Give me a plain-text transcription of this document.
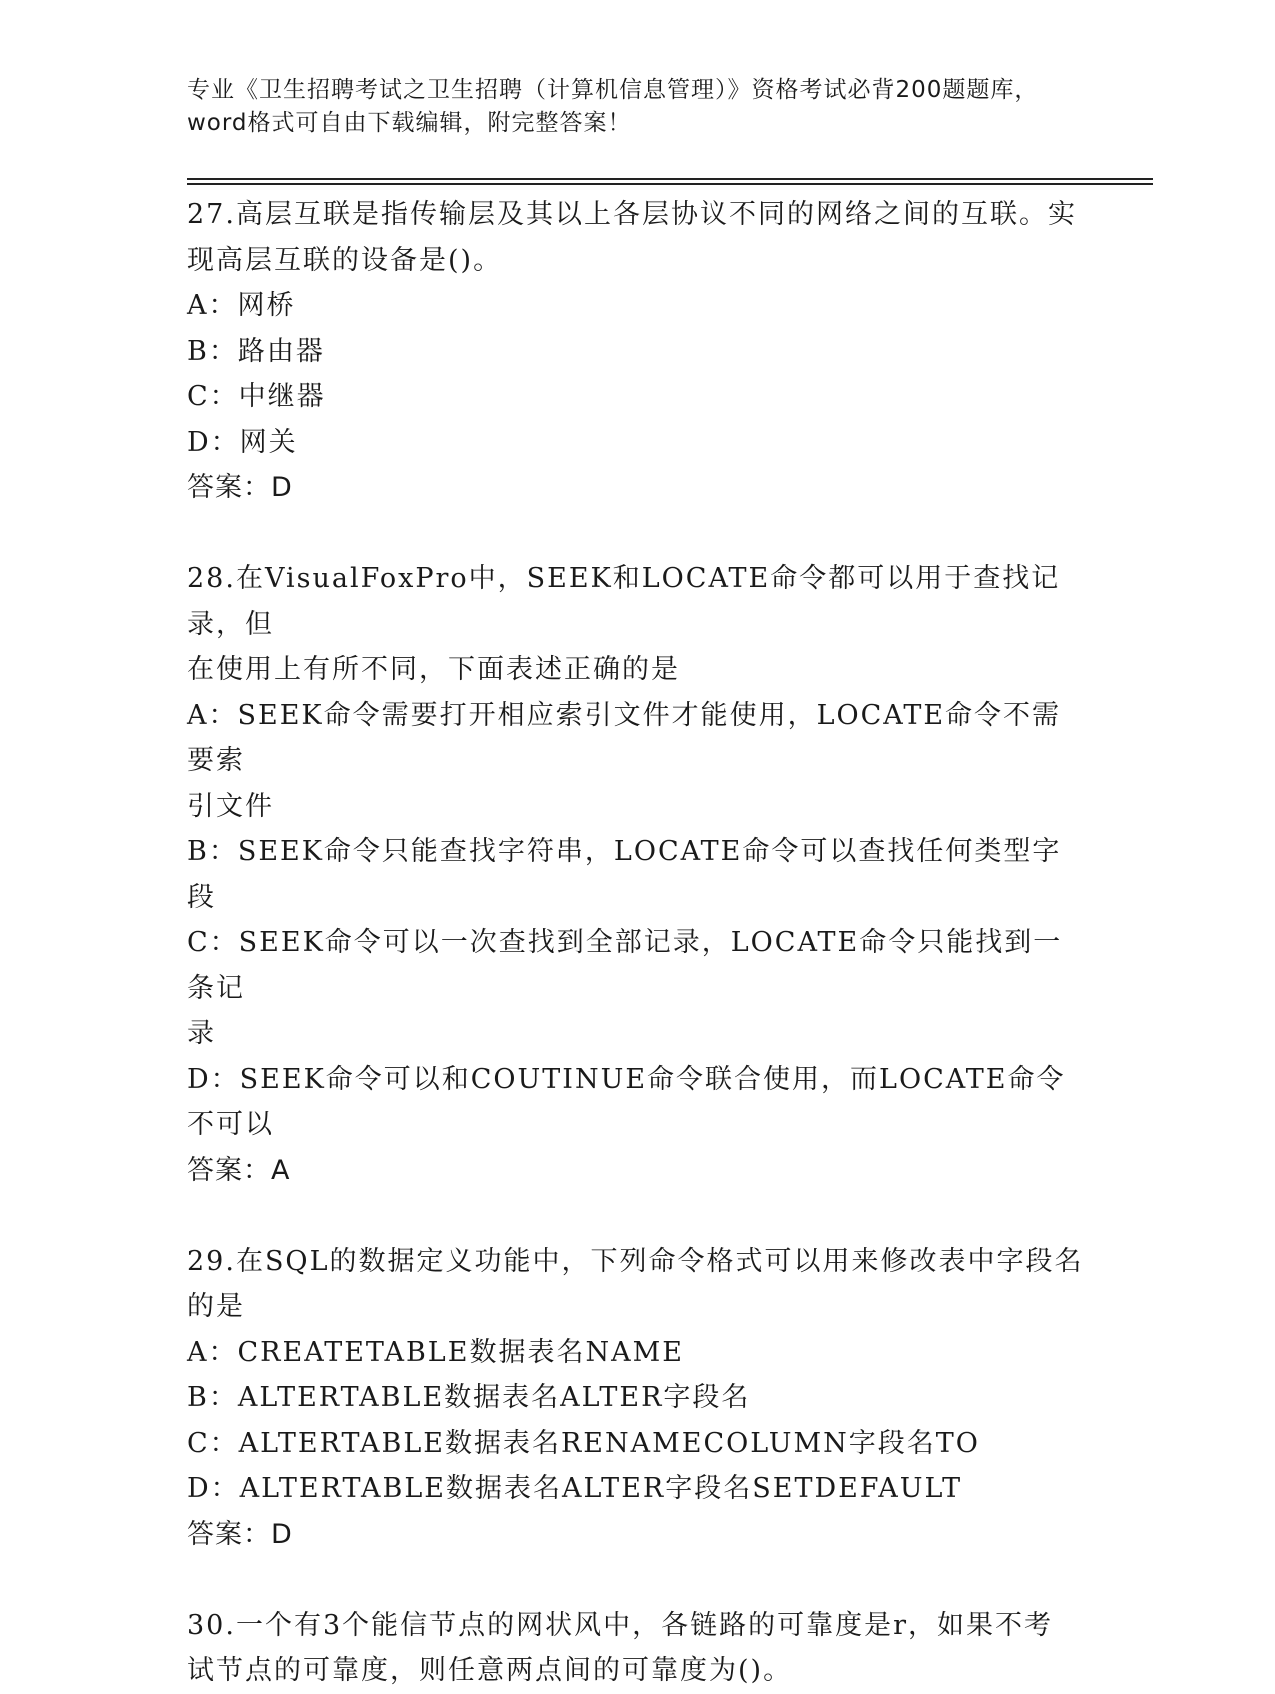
专业《卫生招聘考试之卫生招聘（计算机信息管理）》资格考试必背200题题库，
word格式可自由下载编辑，附完整答案！
27.高层互联是指传输层及其以上各层协议不同的网络之间的互联。实
现高层互联的设备是()。
A：网桥
B：路由器
C：中继器
D：网关
答案：D
28.在VisualFoxPro中，SEEK和LOCATE命令都可以用于查找记录，但
在使用上有所不同，下面表述正确的是
A：SEEK命令需要打开相应索引文件才能使用，LOCATE命令不需要索
引文件
B：SEEK命令只能查找字符串，LOCATE命令可以查找任何类型字段
C：SEEK命令可以一次查找到全部记录，LOCATE命令只能找到一条记
录
D：SEEK命令可以和COUTINUE命令联合使用，而LOCATE命令不可以
答案：A
29.在SQL的数据定义功能中，下列命令格式可以用来修改表中字段名
的是
A：CREATETABLE数据表名NAME
B：ALTERTABLE数据表名ALTER字段名
C：ALTERTABLE数据表名RENAMECOLUMN字段名TO
D：ALTERTABLE数据表名ALTER字段名SETDEFAULT
答案：D
30.一个有3个能信节点的网状风中，各链路的可靠度是r，如果不考
试节点的可靠度，则任意两点间的可靠度为()。
